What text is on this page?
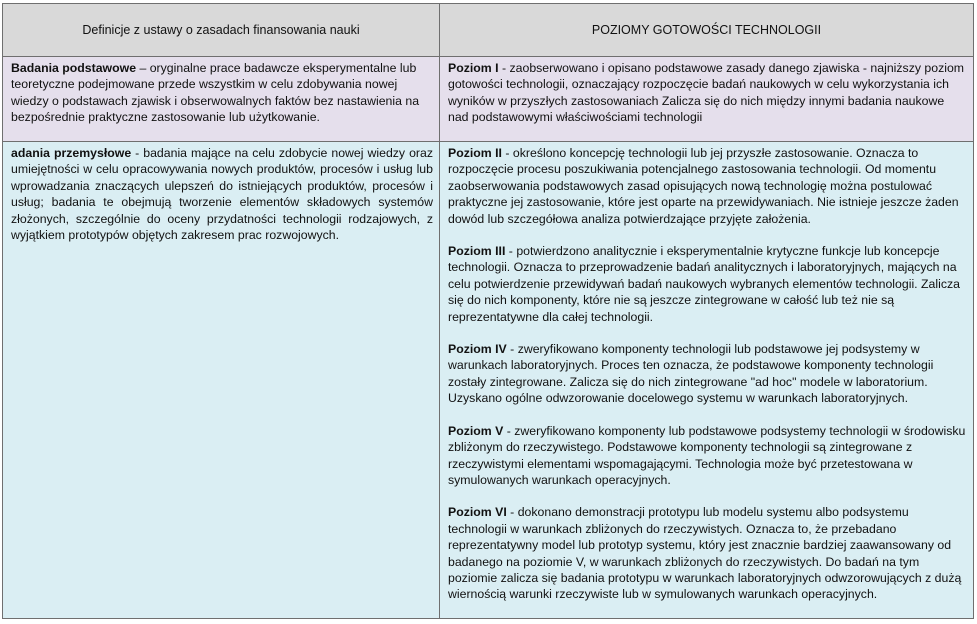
Definicje z ustawy o zasadach finansowania nauki	POZIOMY GOTOWOŚCI TECHNOLOGII
Badania podstawowe – oryginalne prace badawcze eksperymentalne lub teoretyczne podejmowane przede wszystkim w celu zdobywania nowej wiedzy o podstawach zjawisk i obserwowalnych faktów bez nastawienia na bezpośrednie praktyczne zastosowanie lub użytkowanie.
Poziom I - zaobserwowano i opisano podstawowe zasady danego zjawiska - najniższy poziom gotowości technologii, oznaczający rozpoczęcie badań naukowych w celu wykorzystania ich wyników w przyszłych zastosowaniach Zalicza się do nich między innymi badania naukowe nad podstawowymi właściwościami technologii
adania przemysłowe - badania mające na celu zdobycie nowej wiedzy oraz umiejętności w celu opracowywania nowych produktów, procesów i usług lub wprowadzania znaczących ulepszeń do istniejących produktów, procesów i usług; badania te obejmują tworzenie elementów składowych systemów złożonych, szczególnie do oceny przydatności technologii rodzajowych, z wyjątkiem prototypów objętych zakresem prac rozwojowych.

Poziom II - określono koncepcję technologii lub jej przyszłe zastosowanie. Oznacza to rozpoczęcie procesu poszukiwania potencjalnego zastosowania technologii. Od momentu zaobserwowania podstawowych zasad opisujących nową technologię można postulować praktyczne jej zastosowanie, które jest oparte na przewidywaniach. Nie istnieje jeszcze żaden dowód lub szczegółowa analiza potwierdzające przyjęte założenia.

Poziom III - potwierdzono analitycznie i eksperymentalnie krytyczne funkcje lub koncepcje technologii. Oznacza to przeprowadzenie badań analitycznych i laboratoryjnych, mających na celu potwierdzenie przewidywań badań naukowych wybranych elementów technologii. Zalicza się do nich komponenty, które nie są jeszcze zintegrowane w całość lub też nie są reprezentatywne dla całej technologii.

Poziom IV - zweryfikowano komponenty technologii lub podstawowe jej podsystemy w warunkach laboratoryjnych. Proces ten oznacza, że podstawowe komponenty technologii zostały zintegrowane. Zalicza się do nich zintegrowane "ad hoc" modele w laboratorium. Uzyskano ogólne odwzorowanie docelowego systemu w warunkach laboratoryjnych.

Poziom V - zweryfikowano komponenty lub podstawowe podsystemy technologii w środowisku zbliżonym do rzeczywistego. Podstawowe komponenty technologii są zintegrowane z rzeczywistymi elementami wspomagającymi. Technologia może być przetestowana w symulowanych warunkach operacyjnych.

Poziom VI - dokonano demonstracji prototypu lub modelu systemu albo podsystemu technologii w warunkach zbliżonych do rzeczywistych. Oznacza to, że przebadano reprezentatywny model lub prototyp systemu, który jest znacznie bardziej zaawansowany od badanego na poziomie V, w warunkach zbliżonych do rzeczywistych. Do badań na tym poziomie zalicza się badania prototypu w warunkach laboratoryjnych odwzorowujących z dużą wiernością warunki rzeczywiste lub w symulowanych warunkach operacyjnych.
